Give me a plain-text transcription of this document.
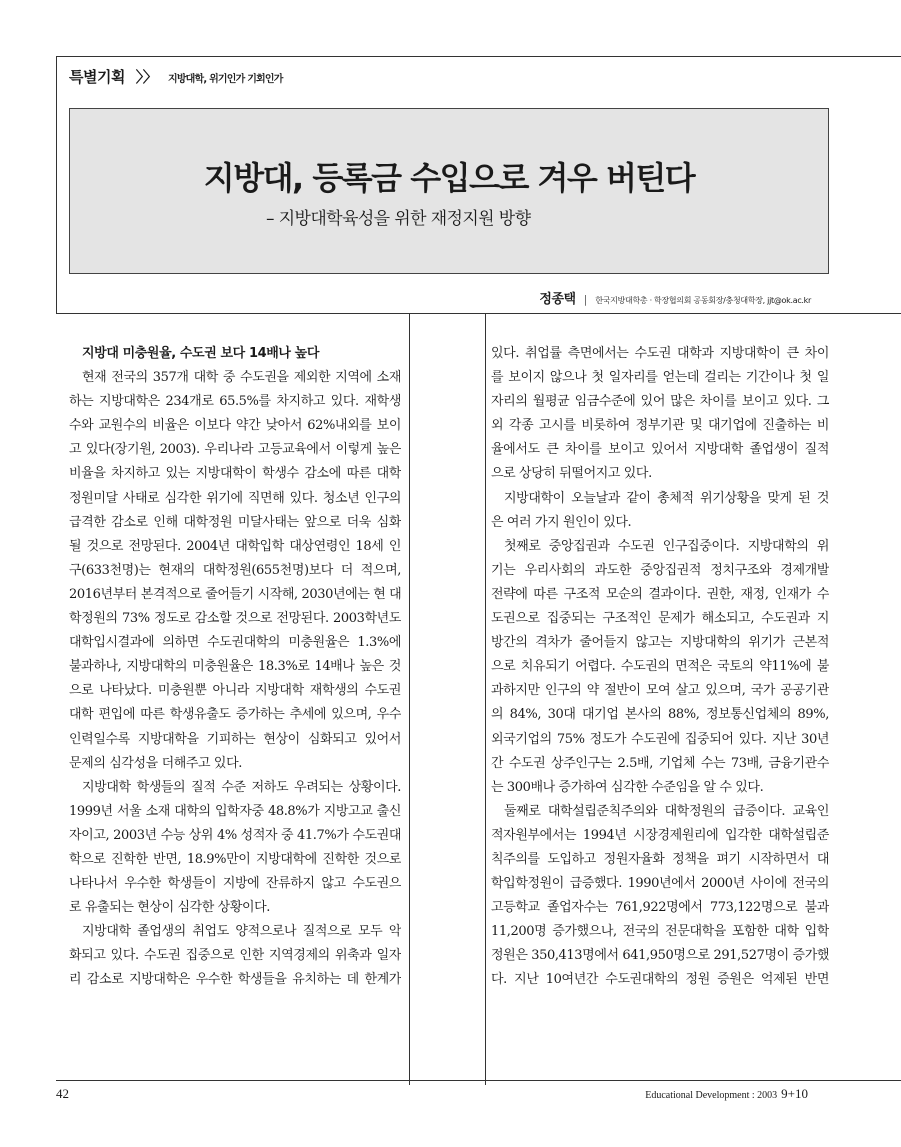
특별기획 〉〉 지방대학, 위기인가 기회인가
지방대, 등록금 수입으로 겨우 버틴다
– 지방대학육성을 위한 재정지원 방향
정종택 | 한국지방대학총 · 학장협의회 공동회장/충청대학장, jjt@ok.ac.kr
지방대 미충원율, 수도권 보다 14배나 높다
현재 전국의 357개 대학 중 수도권을 제외한 지역에 소재
하는 지방대학은 234개로 65.5%를 차지하고 있다. 재학생
수와 교원수의 비율은 이보다 약간 낮아서 62%내외를 보이
고 있다(장기원, 2003). 우리나라 고등교육에서 이렇게 높은
비율을 차지하고 있는 지방대학이 학생수 감소에 따른 대학
정원미달 사태로 심각한 위기에 직면해 있다. 청소년 인구의
급격한 감소로 인해 대학정원 미달사태는 앞으로 더욱 심화
될 것으로 전망된다. 2004년 대학입학 대상연령인 18세 인
구(633천명)는 현재의 대학정원(655천명)보다 더 적으며,
2016년부터 본격적으로 줄어들기 시작해, 2030년에는 현 대
학정원의 73% 정도로 감소할 것으로 전망된다. 2003학년도
대학입시결과에 의하면 수도권대학의 미충원율은 1.3%에
불과하나, 지방대학의 미충원율은 18.3%로 14배나 높은 것
으로 나타났다. 미충원뿐 아니라 지방대학 재학생의 수도권
대학 편입에 따른 학생유출도 증가하는 추세에 있으며, 우수
인력일수록 지방대학을 기피하는 현상이 심화되고 있어서
문제의 심각성을 더해주고 있다.
지방대학 학생들의 질적 수준 저하도 우려되는 상황이다.
1999년 서울 소재 대학의 입학자중 48.8%가 지방고교 출신
자이고, 2003년 수능 상위 4% 성적자 중 41.7%가 수도권대
학으로 진학한 반면, 18.9%만이 지방대학에 진학한 것으로
나타나서 우수한 학생들이 지방에 잔류하지 않고 수도권으
로 유출되는 현상이 심각한 상황이다.
지방대학 졸업생의 취업도 양적으로나 질적으로 모두 악
화되고 있다. 수도권 집중으로 인한 지역경제의 위축과 일자
리 감소로 지방대학은 우수한 학생들을 유치하는 데 한계가
있다. 취업률 측면에서는 수도권 대학과 지방대학이 큰 차이
를 보이지 않으나 첫 일자리를 얻는데 걸리는 기간이나 첫 일
자리의 월평균 임금수준에 있어 많은 차이를 보이고 있다. 그
외 각종 고시를 비롯하여 정부기관 및 대기업에 진출하는 비
율에서도 큰 차이를 보이고 있어서 지방대학 졸업생이 질적
으로 상당히 뒤떨어지고 있다.
지방대학이 오늘날과 같이 총체적 위기상황을 맞게 된 것
은 여러 가지 원인이 있다.
첫째로 중앙집권과 수도권 인구집중이다. 지방대학의 위
기는 우리사회의 과도한 중앙집권적 정치구조와 경제개발
전략에 따른 구조적 모순의 결과이다. 권한, 재정, 인재가 수
도권으로 집중되는 구조적인 문제가 해소되고, 수도권과 지
방간의 격차가 줄어들지 않고는 지방대학의 위기가 근본적
으로 치유되기 어렵다. 수도권의 면적은 국토의 약11%에 불
과하지만 인구의 약 절반이 모여 살고 있으며, 국가 공공기관
의 84%, 30대 대기업 본사의 88%, 정보통신업체의 89%,
외국기업의 75% 정도가 수도권에 집중되어 있다. 지난 30년
간 수도권 상주인구는 2.5배, 기업체 수는 73배, 금융기관수
는 300배나 증가하여 심각한 수준임을 알 수 있다.
둘째로 대학설립준칙주의와 대학정원의 급증이다. 교육인
적자원부에서는 1994년 시장경제원리에 입각한 대학설립준
칙주의를 도입하고 정원자율화 정책을 펴기 시작하면서 대
학입학정원이 급증했다. 1990년에서 2000년 사이에 전국의
고등학교 졸업자수는 761,922명에서 773,122명으로 불과
11,200명 증가했으나, 전국의 전문대학을 포함한 대학 입학
정원은 350,413명에서 641,950명으로 291,527명이 증가했
다. 지난 10여년간 수도권대학의 정원 증원은 억제된 반면
42	Educational Development : 2003 9+10
